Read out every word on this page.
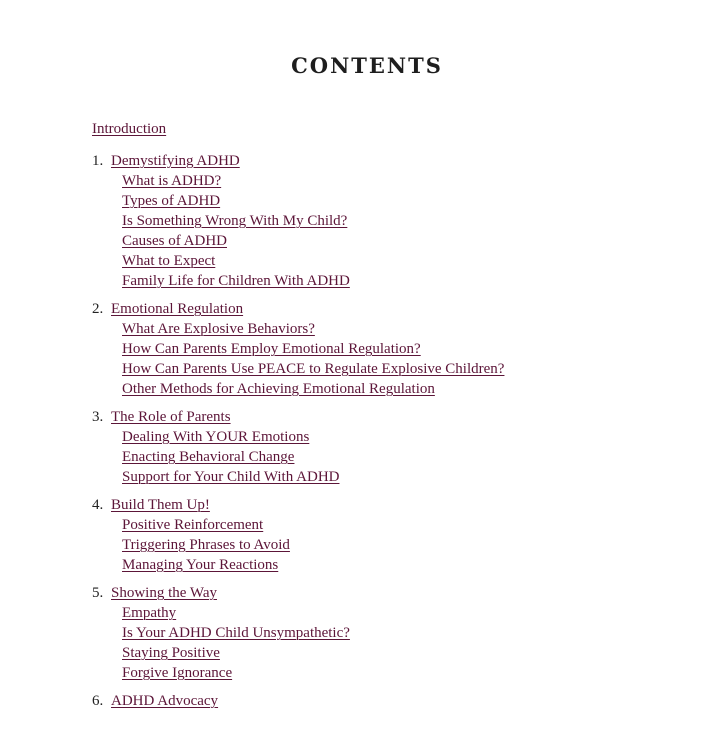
CONTENTS
Introduction
1. Demystifying ADHD
What is ADHD?
Types of ADHD
Is Something Wrong With My Child?
Causes of ADHD
What to Expect
Family Life for Children With ADHD
2. Emotional Regulation
What Are Explosive Behaviors?
How Can Parents Employ Emotional Regulation?
How Can Parents Use PEACE to Regulate Explosive Children?
Other Methods for Achieving Emotional Regulation
3. The Role of Parents
Dealing With YOUR Emotions
Enacting Behavioral Change
Support for Your Child With ADHD
4. Build Them Up!
Positive Reinforcement
Triggering Phrases to Avoid
Managing Your Reactions
5. Showing the Way
Empathy
Is Your ADHD Child Unsympathetic?
Staying Positive
Forgive Ignorance
6. ADHD Advocacy
